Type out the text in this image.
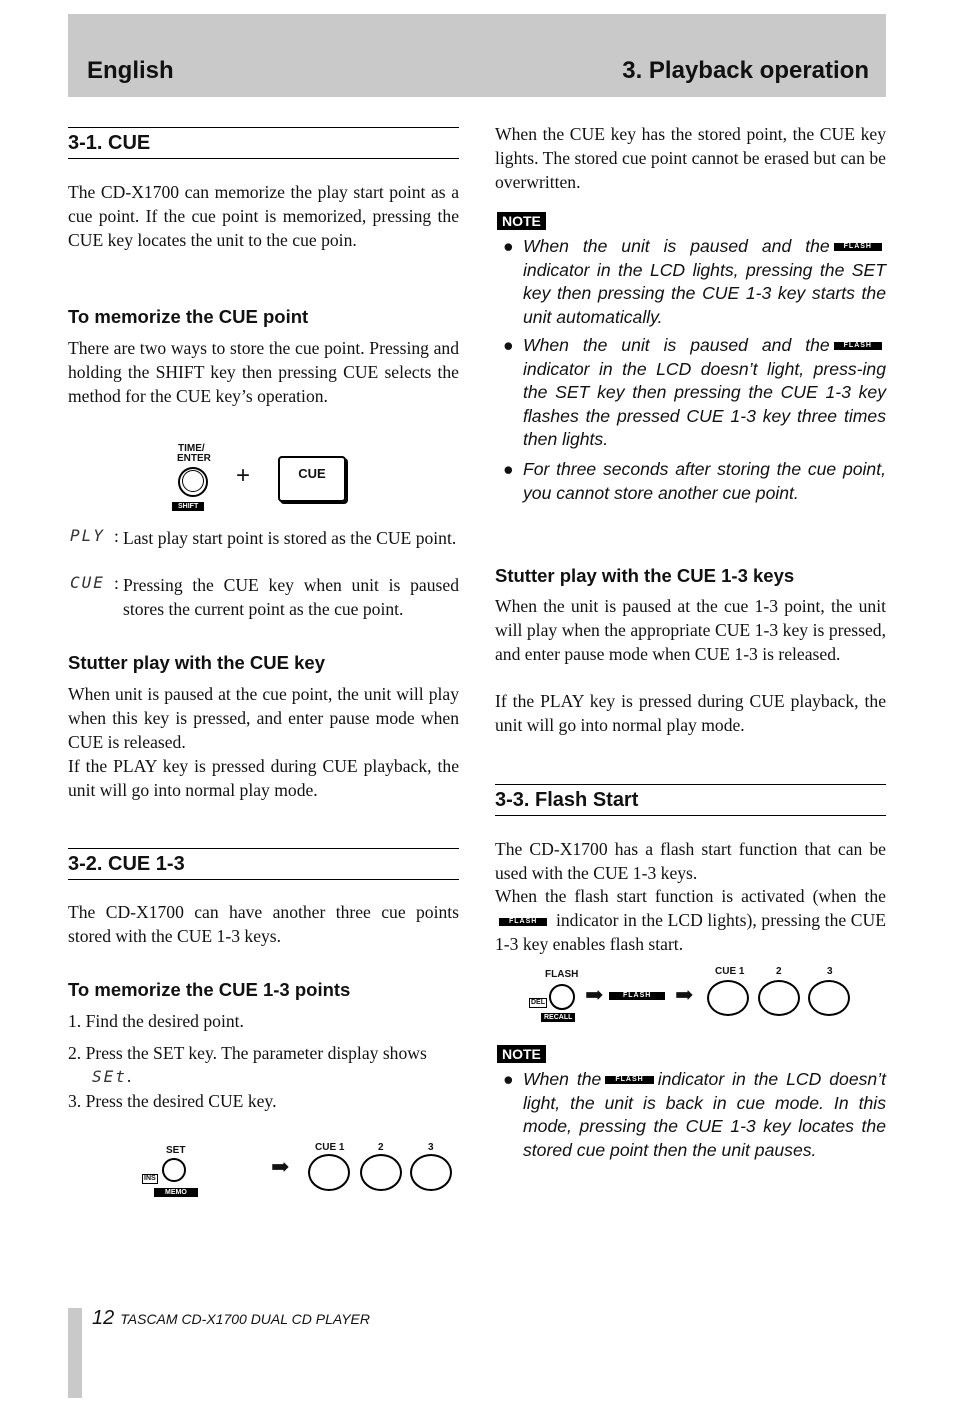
English	3. Playback operation
3-1. CUE
The CD-X1700 can memorize the play start point as a cue point. If the cue point is memorized, pressing the CUE key locates the unit to the cue poin.
To memorize the CUE point
There are two ways to store the cue point. Pressing and holding the SHIFT key then pressing CUE selects the method for the CUE key’s operation.
TIME/
ENTER
SHIFT
+	CUE
PLY : Last play start point is stored as the CUE point.
CUE : Pressing the CUE key when unit is paused stores the current point as the cue point.
Stutter play with the CUE key
When unit is paused at the cue point, the unit will play when this key is pressed, and enter pause mode when CUE is released.
If the PLAY key is pressed during CUE playback, the unit will go into normal play mode.
3-2. CUE 1-3
The CD-X1700 can have another three cue points stored with the CUE 1-3 keys.
To memorize the CUE 1-3 points
1. Find the desired point.
2. Press the SET key. The parameter display shows
SEt.
3. Press the desired CUE key.
SET
INS
MEMO
➡
CUE 1	2	3
When the CUE key has the stored point, the CUE key lights. The stored cue point cannot be erased but can be overwritten.
NOTE
● When the unit is paused and the FLASHindicator in the LCD lights, pressing the SET key then pressing the CUE 1-3 key starts the unit automatically.
● When the unit is paused and the FLASHindicator in the LCD doesn’t light, press-ing the SET key then pressing the CUE 1-3 key flashes the pressed CUE 1-3 key three times then lights.
● For three seconds after storing the cue point, you cannot store another cue point.
Stutter play with the CUE 1-3 keys
When the unit is paused at the cue 1-3 point, the unit will play when the appropriate CUE 1-3 key is pressed, and enter pause mode when CUE 1-3 is released.
If the PLAY key is pressed during CUE playback, the unit will go into normal play mode.
3-3. Flash Start
The CD-X1700 has a flash start function that can be used with the CUE 1-3 keys.
When the flash start function is activated (when the FLASH indicator in the LCD lights), pressing the CUE 1-3 key enables flash start.
FLASH
DEL
RECALL
➡	FLASH	➡
CUE 1	2	3
NOTE
● When the FLASH indicator in the LCD doesn’t light, the unit is back in cue mode. In this mode, pressing the CUE 1-3 key locates the stored cue point then the unit pauses.
12 TASCAM CD-X1700 DUAL CD PLAYER
